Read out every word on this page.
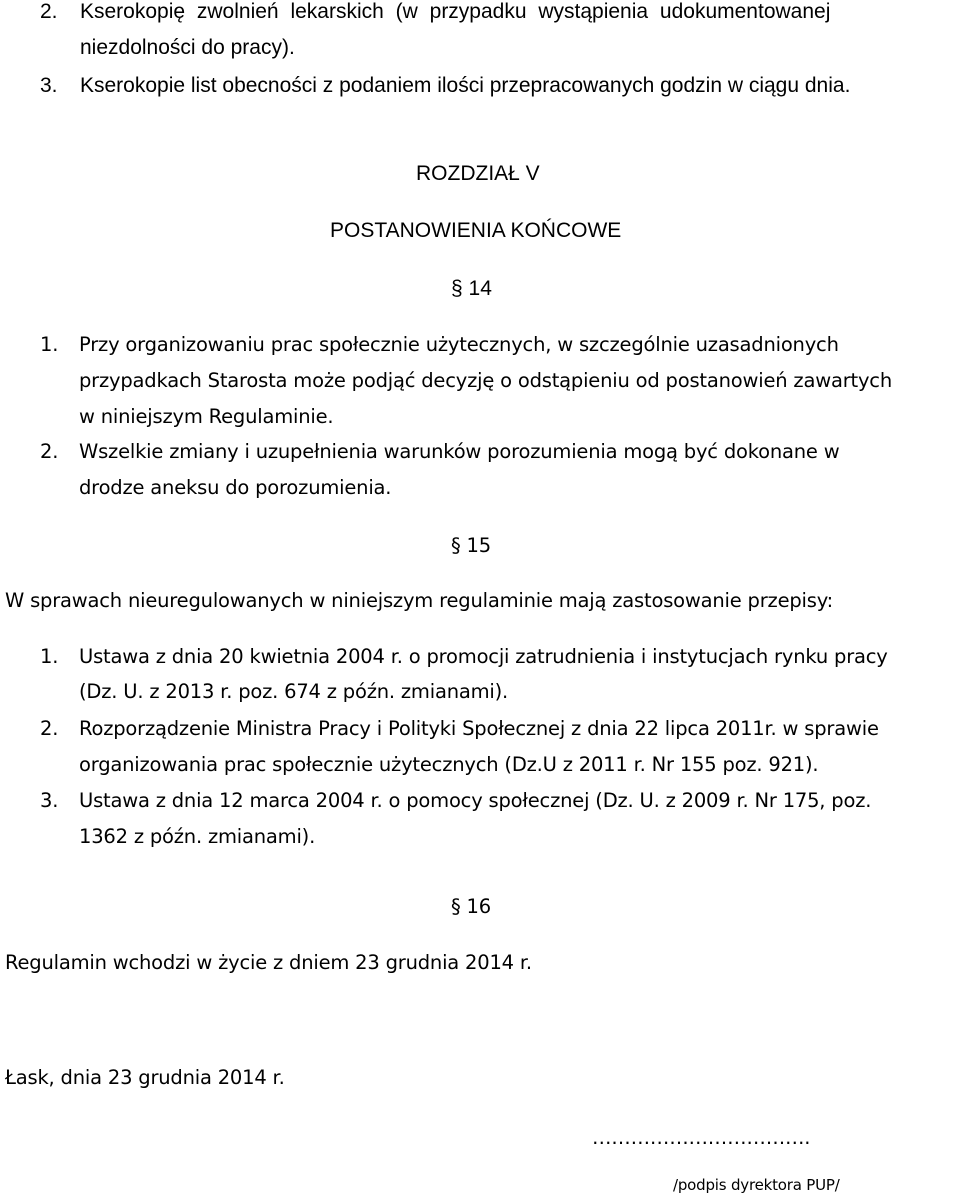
2. Kserokopię zwolnień lekarskich (w przypadku wystąpienia udokumentowanej
niezdolności do pracy).
3. Kserokopie list obecności z podaniem ilości przepracowanych godzin w ciągu dnia.
ROZDZIAŁ V
POSTANOWIENIA KOŃCOWE
§ 14
1. Przy organizowaniu prac społecznie użytecznych, w szczególnie uzasadnionych
przypadkach Starosta może podjąć decyzję o odstąpieniu od postanowień zawartych
w niniejszym Regulaminie.
2. Wszelkie zmiany i uzupełnienia warunków porozumienia mogą być dokonane w
drodze aneksu do porozumienia.
§ 15
W sprawach nieuregulowanych w niniejszym regulaminie mają zastosowanie przepisy:
1. Ustawa z dnia 20 kwietnia 2004 r. o promocji zatrudnienia i instytucjach rynku pracy
(Dz. U. z 2013 r. poz. 674 z późn. zmianami).
2. Rozporządzenie Ministra Pracy i Polityki Społecznej z dnia 22 lipca 2011r. w sprawie
organizowania prac społecznie użytecznych (Dz.U z 2011 r. Nr 155 poz. 921).
3. Ustawa z dnia 12 marca 2004 r. o pomocy społecznej (Dz. U. z 2009 r. Nr 175, poz.
1362 z późn. zmianami).
§ 16
Regulamin wchodzi w życie z dniem 23 grudnia 2014 r.
Łask, dnia 23 grudnia 2014 r.
…………………………….
/podpis dyrektora PUP/
